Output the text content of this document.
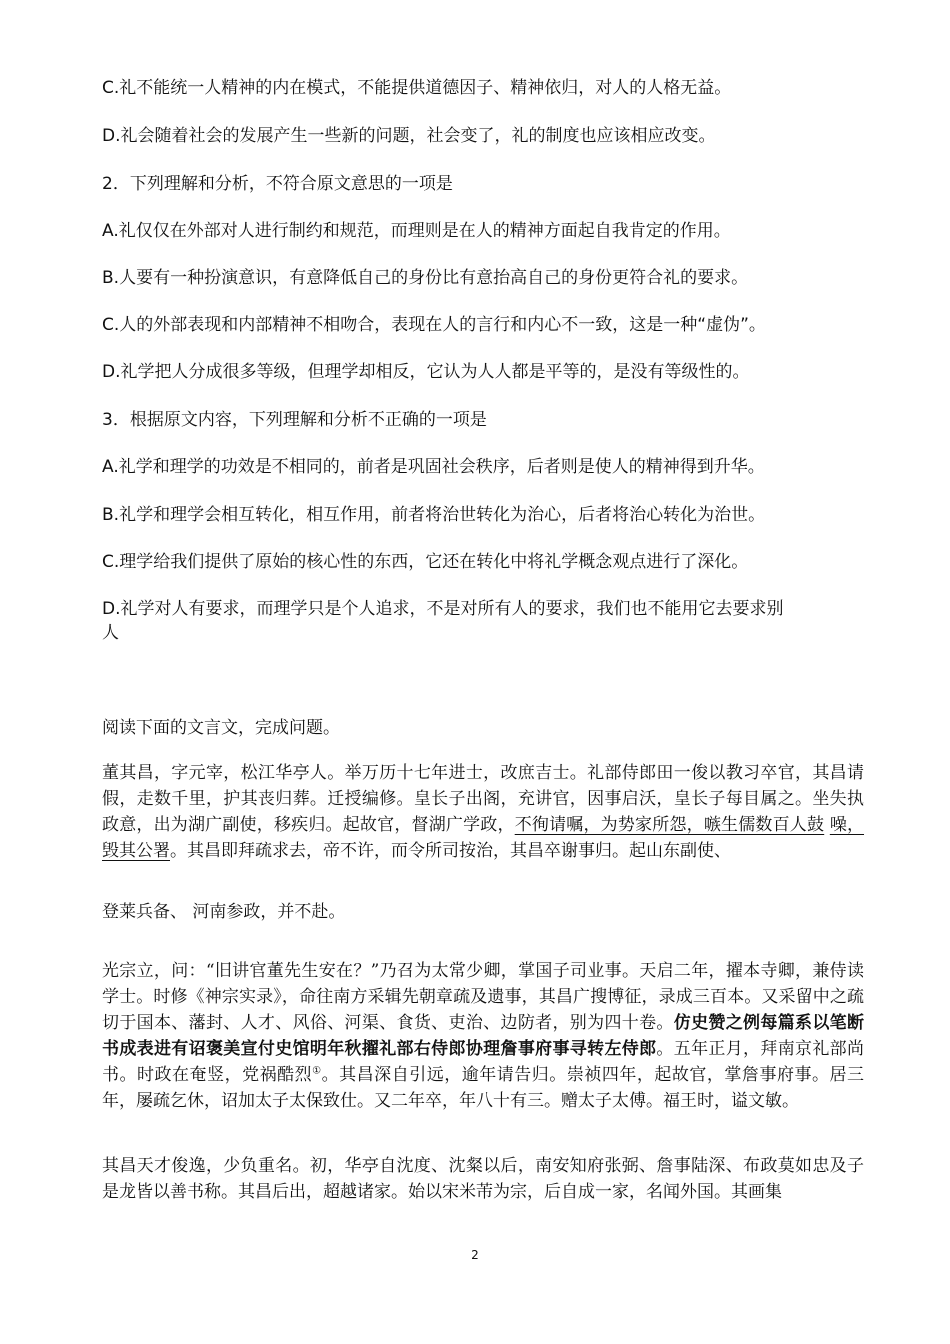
C.礼不能统一人精神的内在模式，不能提供道德因子、精神依归，对人的人格无益。
D.礼会随着社会的发展产生一些新的问题，社会变了，礼的制度也应该相应改变。
2．下列理解和分析，不符合原文意思的一项是
A.礼仅仅在外部对人进行制约和规范，而理则是在人的精神方面起自我肯定的作用。
B.人要有一种扮演意识，有意降低自己的身份比有意抬高自己的身份更符合礼的要求。
C.人的外部表现和内部精神不相吻合，表现在人的言行和内心不一致，这是一种“虚伪”。
D.礼学把人分成很多等级，但理学却相反，它认为人人都是平等的，是没有等级性的。
3．根据原文内容，下列理解和分析不正确的一项是
A.礼学和理学的功效是不相同的，前者是巩固社会秩序，后者则是使人的精神得到升华。
B.礼学和理学会相互转化，相互作用，前者将治世转化为治心，后者将治心转化为治世。
C.理学给我们提供了原始的核心性的东西，它还在转化中将礼学概念观点进行了深化。
D.礼学对人有要求，而理学只是个人追求，不是对所有人的要求，我们也不能用它去要求别
人
阅读下面的文言文，完成问题。
董其昌，字元宰，松江华亭人。举万历十七年进士，改庶吉士。礼部侍郎田一俊以教习卒官，其昌请假，走数千里，护其丧归葬。迁授编修。皇长子出阁，充讲官，因事启沃，皇长子每目属之。坐失执政意，出为湖广副使，移疾归。起故官，督湖广学政，不徇请嘱，为势家所怨，嗾生儒数百人鼓 噪，毁其公署。其昌即拜疏求去，帝不许，而令所司按治，其昌卒谢事归。起山东副使、
登莱兵备、 河南参政，并不赴。
光宗立，问：“旧讲官董先生安在？”乃召为太常少卿，掌国子司业事。天启二年，擢本寺卿，兼侍读学士。时修《神宗实录》，命往南方采辑先朝章疏及遗事，其昌广搜博征，录成三百本。又采留中之疏切于国本、藩封、人才、风俗、河渠、食货、吏治、边防者，别为四十卷。仿史赞之例每篇系以笔断书成表进有诏褒美宣付史馆明年秋擢礼部右侍郎协理詹事府事寻转左侍郎。五年正月，拜南京礼部尚书。时政在奄竖，党祸酷烈①。其昌深自引远，逾年请告归。崇祯四年，起故官，掌詹事府事。居三年，屡疏乞休，诏加太子太保致仕。又二年卒，年八十有三。赠太子太傅。福王时，谥文敏。
其昌天才俊逸，少负重名。初，华亭自沈度、沈粲以后，南安知府张弼、詹事陆深、布政莫如忠及子是龙皆以善书称。其昌后出，超越诸家。始以宋米芾为宗，后自成一家，名闻外国。其画集
2
